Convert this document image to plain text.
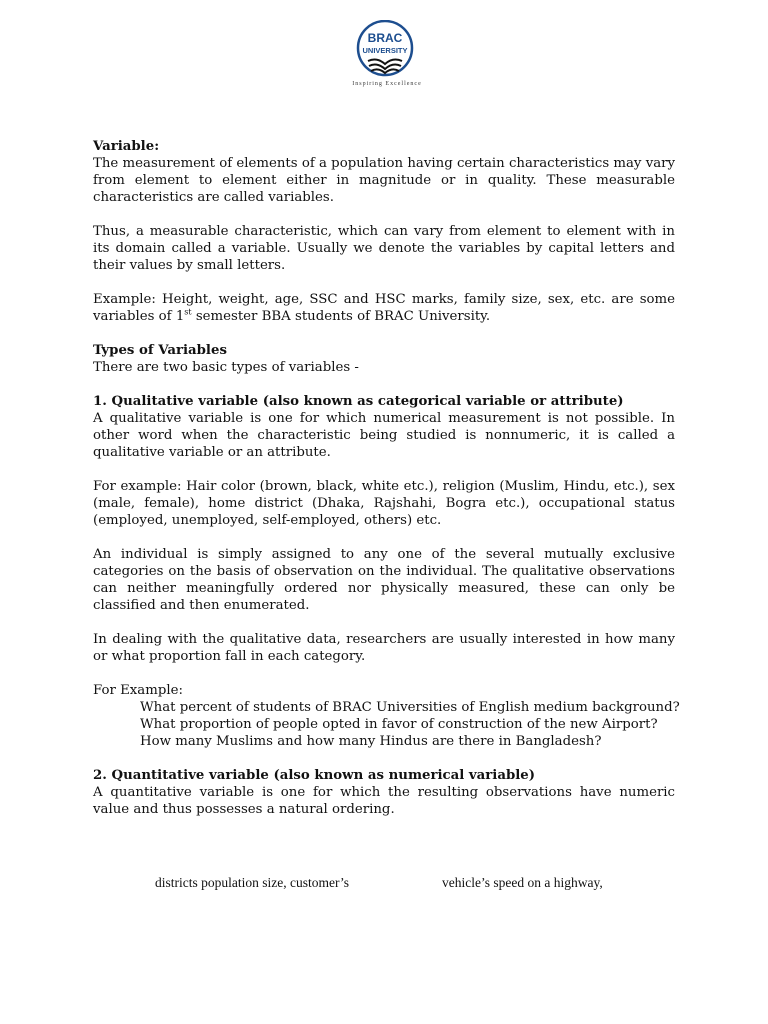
BRAC
UNIVERSITY
Inspiring Excellence

Variable:

The measurement of elements of a population having certain characteristics may vary from element to element either in magnitude or in quality. These measurable characteristics are called variables.

Thus, a measurable characteristic, which can vary from element to element with in its domain called a variable. Usually we denote the variables by capital letters and their values by small letters.

Example: Height, weight, age, SSC and HSC marks, family size, sex, etc. are some variables of 1st semester BBA students of BRAC University.

Types of Variables

There are two basic types of variables -

1. Qualitative variable (also known as categorical variable or attribute)

A qualitative variable is one for which numerical measurement is not possible. In other word when the characteristic being studied is nonnumeric, it is called a qualitative variable or an attribute.

For example: Hair color (brown, black, white etc.), religion (Muslim, Hindu, etc.), sex (male, female), home district (Dhaka, Rajshahi, Bogra etc.), occupational status (employed, unemployed, self-employed, others) etc.

An individual is simply assigned to any one of the several mutually exclusive categories on the basis of observation on the individual. The qualitative observations can neither meaningfully ordered nor physically measured, these can only be classified and then enumerated.

In dealing with the qualitative data, researchers are usually interested in how many or what proportion fall in each category.

For Example:

What percent of students of BRAC Universities of English medium background?
What proportion of people opted in favor of construction of the new Airport?
How many Muslims and how many Hindus are there in Bangladesh?

2. Quantitative variable (also known as numerical variable)

A quantitative variable is one for which the resulting observations have numeric value and thus possesses a natural ordering.

districts population size, customer’s	vehicle’s speed on a highway,
